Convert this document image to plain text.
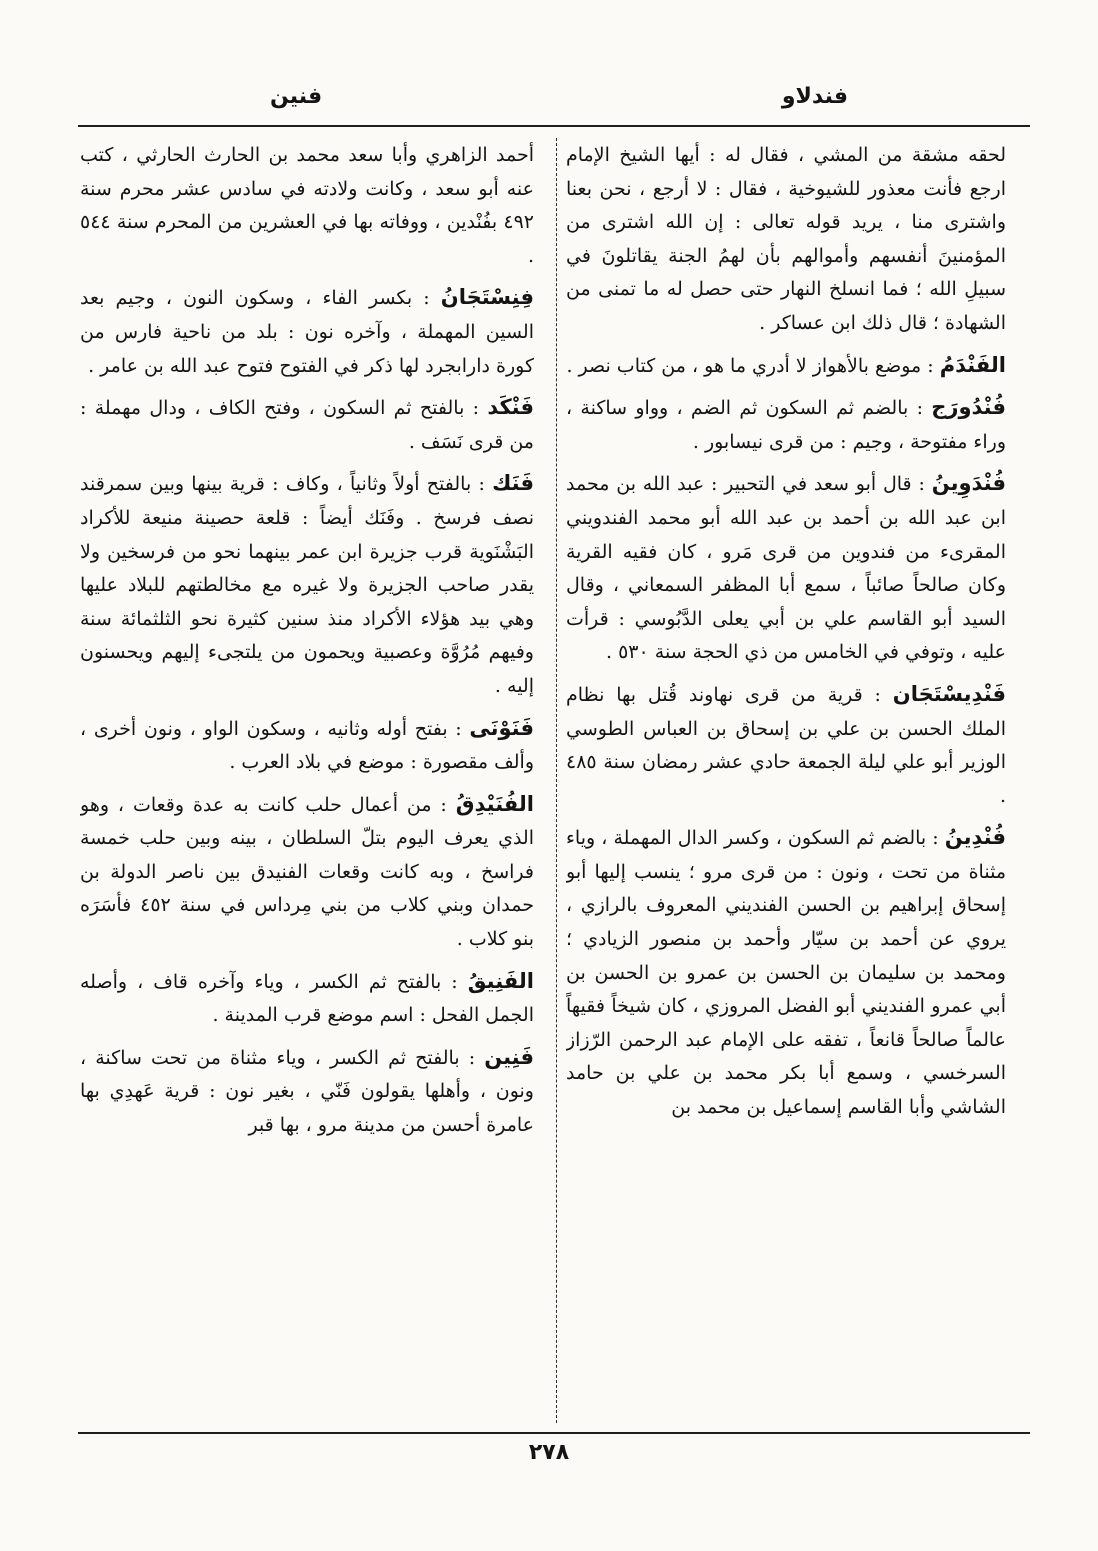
فندلاو
فنين

لحقه مشقة من المشي ، فقال له : أيها الشيخ الإمام ارجع فأنت معذور للشيوخية ، فقال : لا أرجع ، نحن بعنا واشترى منا ، يريد قوله تعالى : إن الله اشترى من المؤمنينَ أنفسهم وأموالهم بأن لهمُ الجنة يقاتلونَ في سبيلِ الله ؛ فما انسلخ النهار حتى حصل له ما تمنى من الشهادة ؛ قال ذلك ابن عساكر .

الفَنْدَمُ : موضع بالأهواز لا أدري ما هو ، من كتاب نصر .

فُنْدُورَج : بالضم ثم السكون ثم الضم ، وواو ساكنة ، وراء مفتوحة ، وجيم : من قرى نيسابور .

فُنْدَوِينُ : قال أبو سعد في التحبير : عبد الله بن محمد ابن عبد الله بن أحمد بن عبد الله أبو محمد الفندويني المقرىء من فندوين من قرى مَرو ، كان فقيه القرية وكان صالحاً صائباً ، سمع أبا المظفر السمعاني ، وقال السيد أبو القاسم علي بن أبي يعلى الدَّبُوسي : قرأت عليه ، وتوفي في الخامس من ذي الحجة سنة ٥٣٠ .

فَنْدِيسْتَجَان : قرية من قرى نهاوند قُتل بها نظام الملك الحسن بن علي بن إسحاق بن العباس الطوسي الوزير أبو علي ليلة الجمعة حادي عشر رمضان سنة ٤٨٥ .

فُنْدِينُ : بالضم ثم السكون ، وكسر الدال المهملة ، وياء مثناة من تحت ، ونون : من قرى مرو ؛ ينسب إليها أبو إسحاق إبراهيم بن الحسن الفنديني المعروف بالرازي ، يروي عن أحمد بن سيّار وأحمد بن منصور الزيادي ؛ ومحمد بن سليمان بن الحسن بن عمرو بن الحسن بن أبي عمرو الفنديني أبو الفضل المروزي ، كان شيخاً فقيهاً عالماً صالحاً قانعاً ، تفقه على الإمام عبد الرحمن الرّزاز السرخسي ، وسمع أبا بكر محمد بن علي بن حامد الشاشي وأبا القاسم إسماعيل بن محمد بن

أحمد الزاهري وأبا سعد محمد بن الحارث الحارثي ، كتب عنه أبو سعد ، وكانت ولادته في سادس عشر محرم سنة ٤٩٢ بفُنْدين ، ووفاته بها في العشرين من المحرم سنة ٥٤٤ .

فِنِسْتَجَانُ : بكسر الفاء ، وسكون النون ، وجيم بعد السين المهملة ، وآخره نون : بلد من ناحية فارس من كورة دارابجرد لها ذكر في الفتوح فتوح عبد الله بن عامر .

فَنْكَد : بالفتح ثم السكون ، وفتح الكاف ، ودال مهملة : من قرى نَسَف .

فَنَك : بالفتح أولاً وثانياً ، وكاف : قرية بينها وبين سمرقند نصف فرسخ . وفَنَك أيضاً : قلعة حصينة منيعة للأكراد البَشْنَوية قرب جزيرة ابن عمر بينهما نحو من فرسخين ولا يقدر صاحب الجزيرة ولا غيره مع مخالطتهم للبلاد عليها وهي بيد هؤلاء الأكراد منذ سنين كثيرة نحو الثلثمائة سنة وفيهم مُرُوَّة وعصبية ويحمون من يلتجىء إليهم ويحسنون إليه .

فَنَوْنَى : بفتح أوله وثانيه ، وسكون الواو ، ونون أخرى ، وألف مقصورة : موضع في بلاد العرب .

الفُنَيْدِقُ : من أعمال حلب كانت به عدة وقعات ، وهو الذي يعرف اليوم بتلّ السلطان ، بينه وبين حلب خمسة فراسخ ، وبه كانت وقعات الفنيدق بين ناصر الدولة بن حمدان وبني كلاب من بني مِرداس في سنة ٤٥٢ فأسَرَه بنو كلاب .

الفَنِيقُ : بالفتح ثم الكسر ، وياء وآخره قاف ، وأصله الجمل الفحل : اسم موضع قرب المدينة .

فَنِين : بالفتح ثم الكسر ، وياء مثناة من تحت ساكنة ، ونون ، وأهلها يقولون فَنّي ، بغير نون : قرية عَهدِي بها عامرة أحسن من مدينة مرو ، بها قبر

٢٧٨
